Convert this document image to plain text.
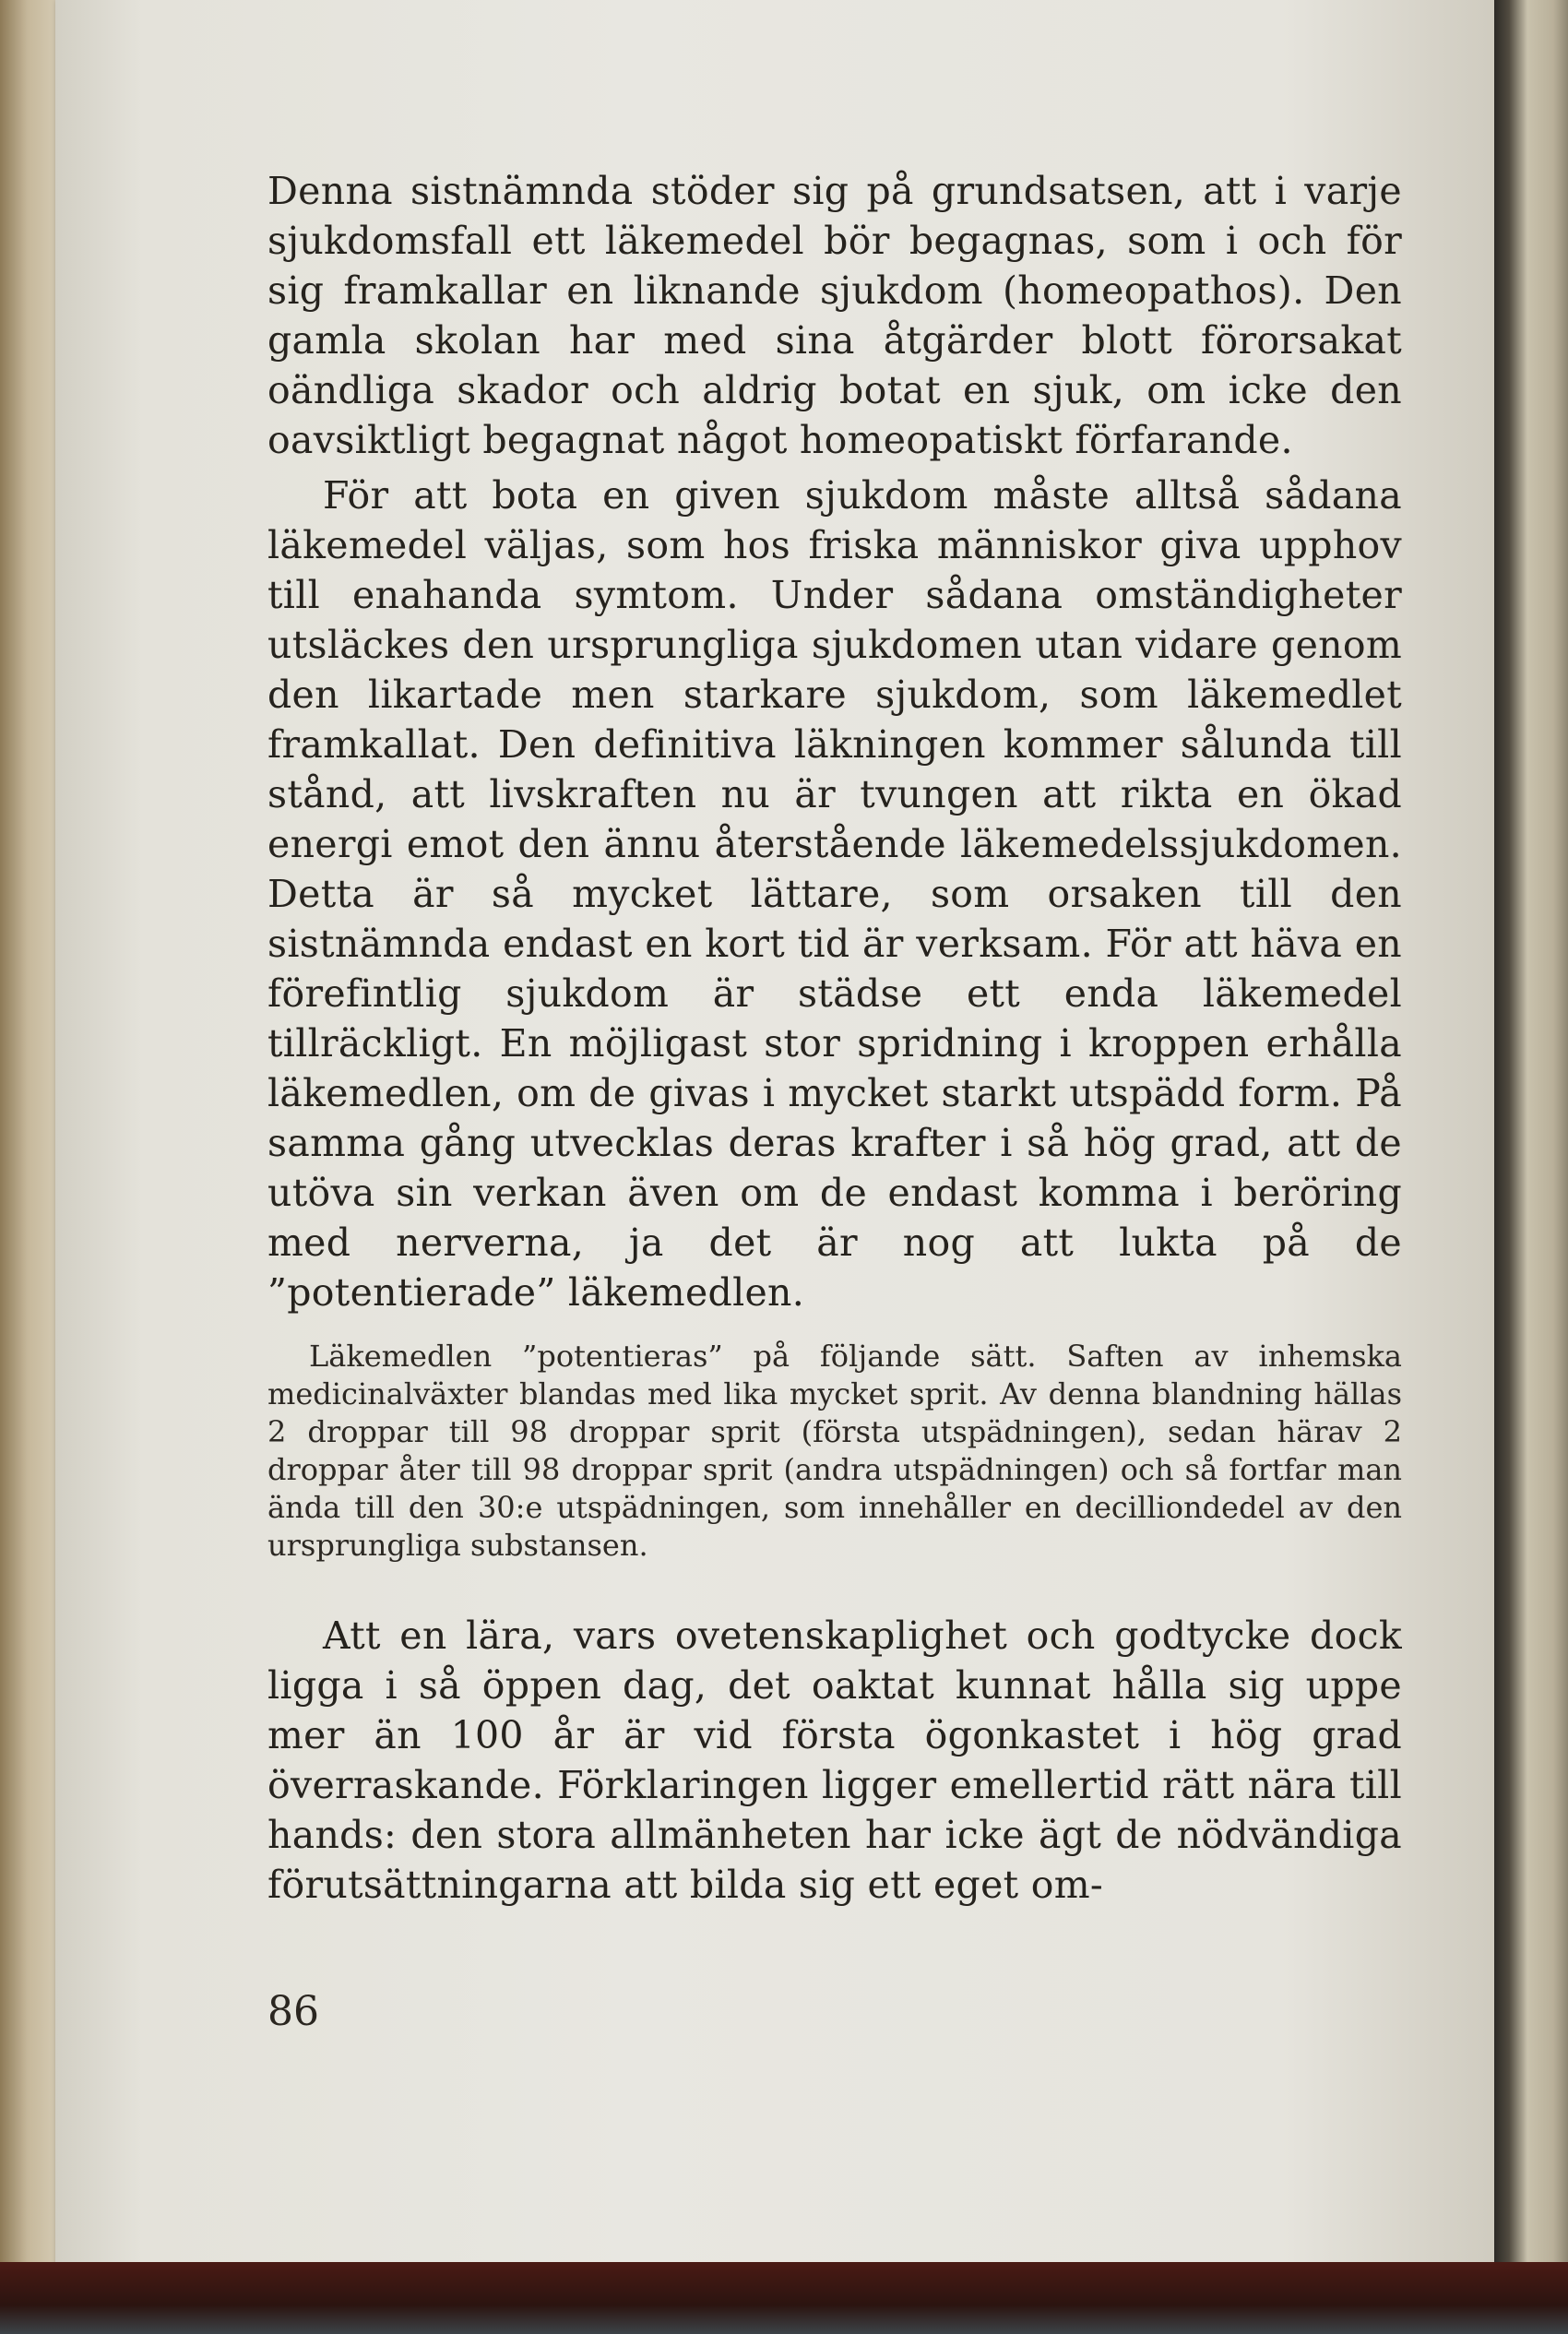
Denna sistnämnda stöder sig på grundsatsen, att i varje sjukdomsfall ett läkemedel bör begagnas, som i och för sig framkallar en liknande sjukdom (homeopathos). Den gamla skolan har med sina åtgärder blott förorsakat oändliga skador och aldrig botat en sjuk, om icke den oavsiktligt begagnat något homeopatiskt förfarande.

För att bota en given sjukdom måste alltså sådana läkemedel väljas, som hos friska människor giva upphov till enahanda symtom. Under sådana omständigheter utsläckes den ursprungliga sjukdomen utan vidare genom den likartade men starkare sjukdom, som läkemedlet framkallat. Den definitiva läkningen kommer sålunda till stånd, att livskraften nu är tvungen att rikta en ökad energi emot den ännu återstående läkemedelssjukdomen. Detta är så mycket lättare, som orsaken till den sistnämnda endast en kort tid är verksam. För att häva en förefintlig sjukdom är städse ett enda läkemedel tillräckligt. En möjligast stor spridning i kroppen erhålla läkemedlen, om de givas i mycket starkt utspädd form. På samma gång utvecklas deras krafter i så hög grad, att de utöva sin verkan även om de endast komma i beröring med nerverna, ja det är nog att lukta på de ”potentierade” läkemedlen.

Läkemedlen ”potentieras” på följande sätt. Saften av inhemska medicinalväxter blandas med lika mycket sprit. Av denna blandning hällas 2 droppar till 98 droppar sprit (första utspädningen), sedan härav 2 droppar åter till 98 droppar sprit (andra utspädningen) och så fortfar man ända till den 30:e utspädningen, som innehåller en decilliondedel av den ursprungliga substansen.

Att en lära, vars ovetenskaplighet och godtycke dock ligga i så öppen dag, det oaktat kunnat hålla sig uppe mer än 100 år är vid första ögonkastet i hög grad överraskande. Förklaringen ligger emellertid rätt nära till hands: den stora allmänheten har icke ägt de nödvändiga förutsättningarna att bilda sig ett eget om-

86
